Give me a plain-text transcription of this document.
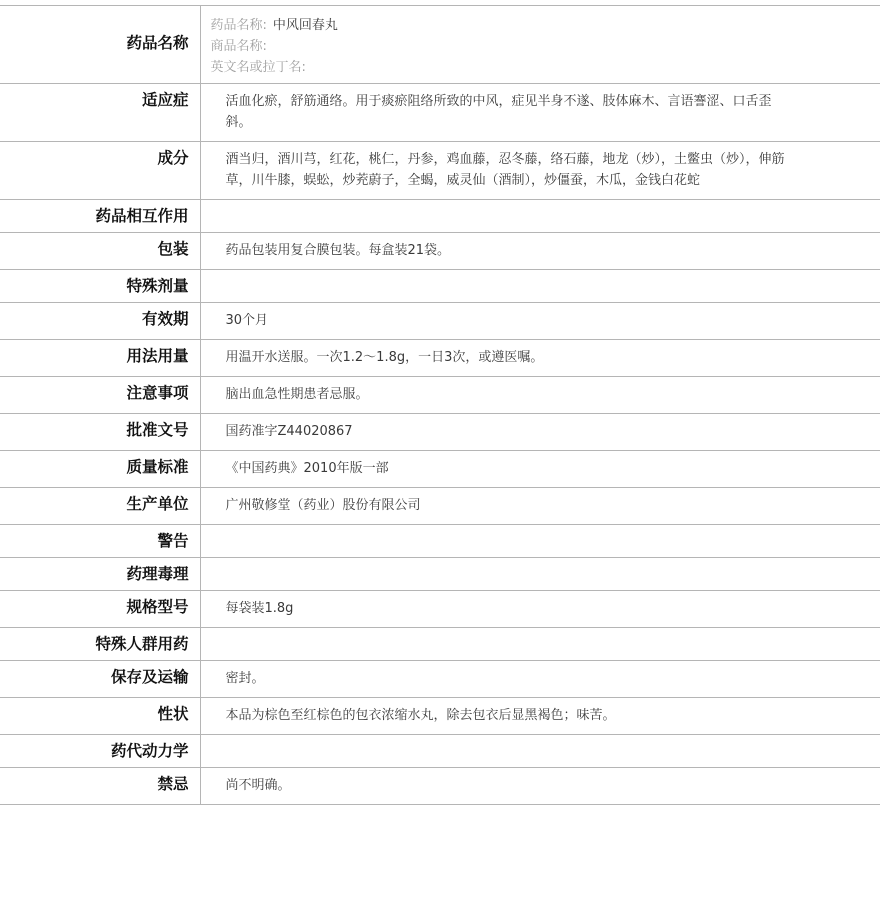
药品名称	药品名称: 中风回春丸
商品名称:
英文名或拉丁名:

适应症	活血化瘀，舒筋通络。用于痰瘀阻络所致的中风，症见半身不遂、肢体麻木、言语謇涩、口舌歪斜。
成分	酒当归，酒川芎，红花，桃仁，丹参，鸡血藤，忍冬藤，络石藤，地龙（炒），土鳖虫（炒），伸筋草，川牛膝，蜈蚣，炒茺蔚子，全蝎，威灵仙（酒制），炒僵蚕，木瓜，金钱白花蛇
药品相互作用	
包装	药品包装用复合膜包装。每盒装21袋。
特殊剂量	
有效期	30个月
用法用量	用温开水送服。一次1.2～1.8g，一日3次，或遵医嘱。
注意事项	脑出血急性期患者忌服。
批准文号	国药准字Z44020867
质量标准	《中国药典》2010年版一部
生产单位	广州敬修堂（药业）股份有限公司
警告	
药理毒理	
规格型号	每袋装1.8g
特殊人群用药	
保存及运输	密封。
性状	本品为棕色至红棕色的包衣浓缩水丸，除去包衣后显黑褐色；味苦。
药代动力学	
禁忌	尚不明确。
